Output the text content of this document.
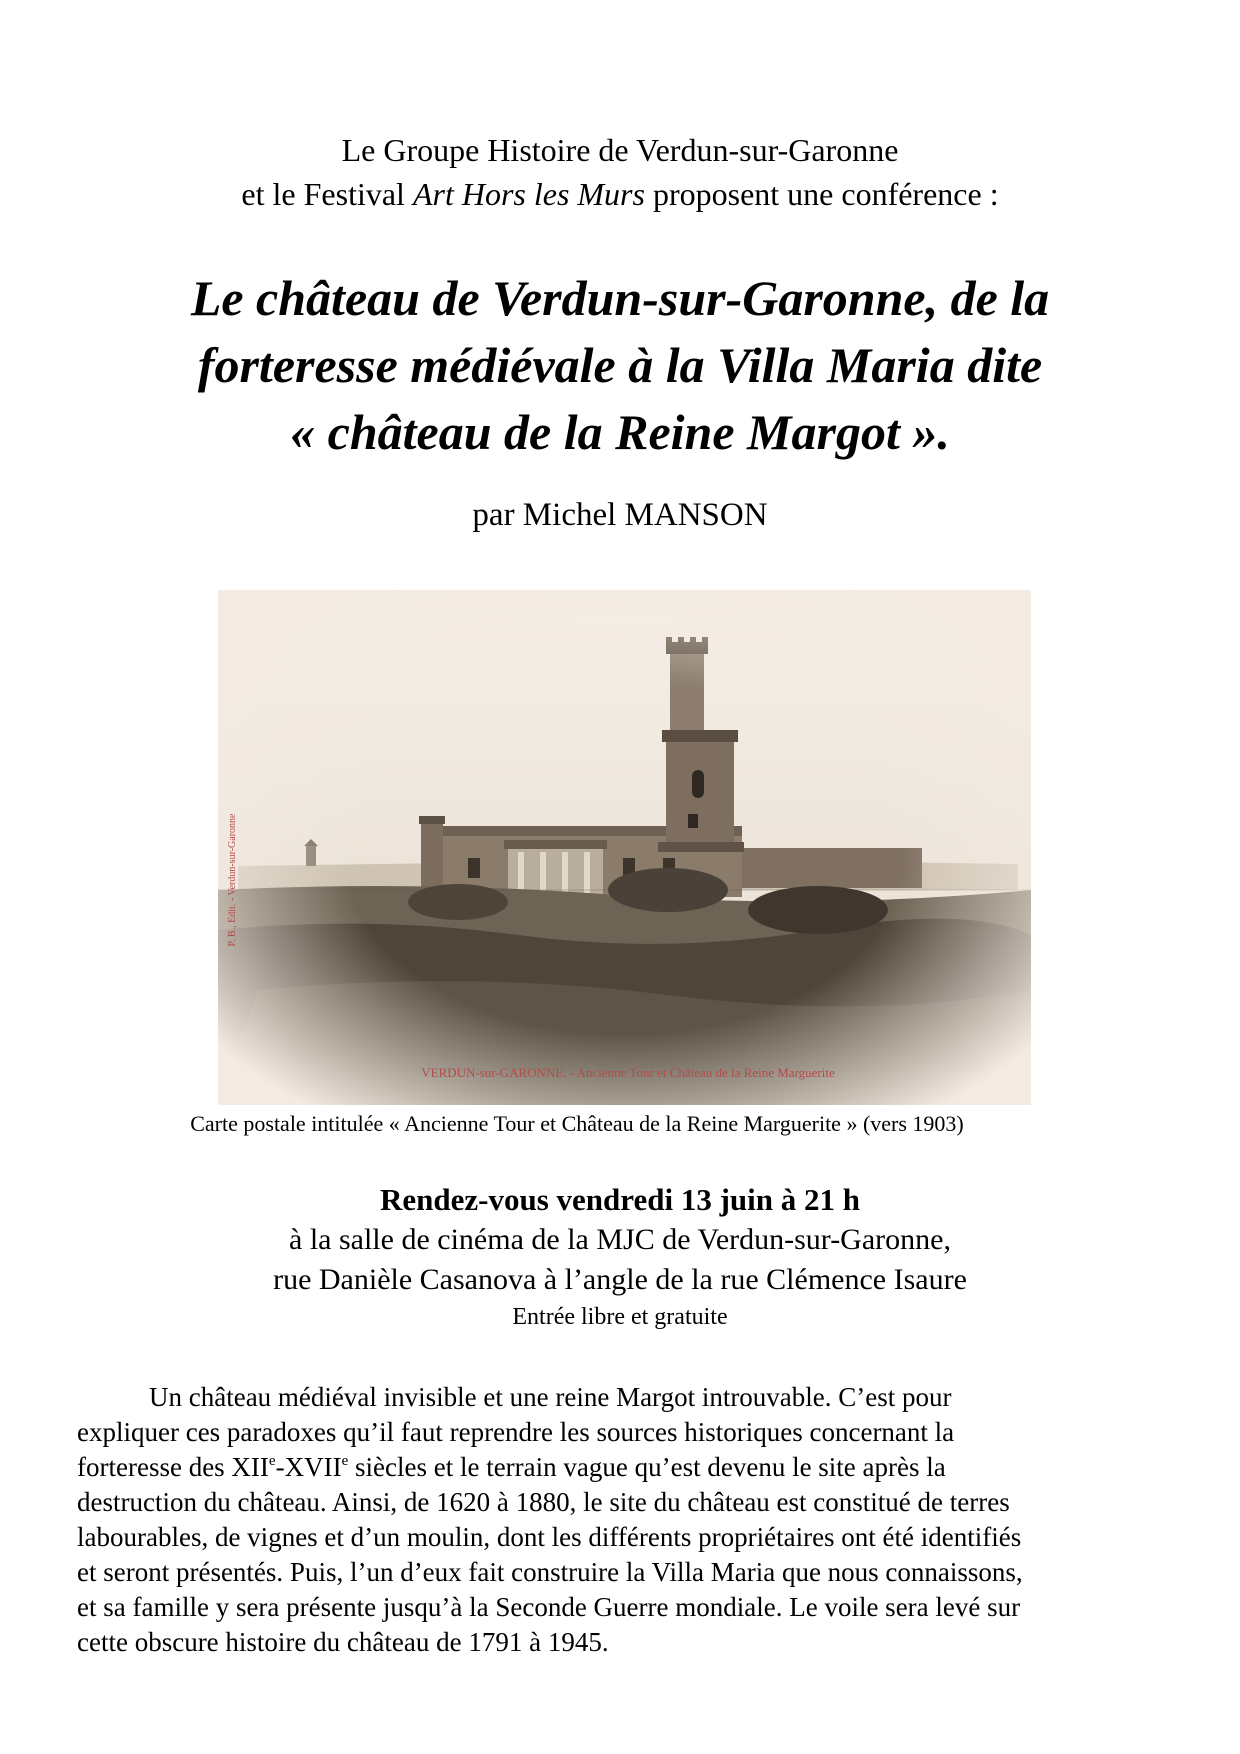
Le Groupe Histoire de Verdun-sur-Garonne
et le Festival Art Hors les Murs proposent une conférence :
Le château de Verdun-sur-Garonne, de la
forteresse médiévale à la Villa Maria dite
« château de la Reine Margot ».
par Michel MANSON
P. B., Edit. - Verdun-sur-Garonne
VERDUN-sur-GARONNE. - Ancienne Tour et Château de la Reine Marguerite
Carte postale intitulée « Ancienne Tour et Château de la Reine Marguerite » (vers 1903)
Rendez-vous vendredi 13 juin à 21 h
à la salle de cinéma de la MJC de Verdun-sur-Garonne,
rue Danièle Casanova à l’angle de la rue Clémence Isaure
Entrée libre et gratuite
Un château médiéval invisible et une reine Margot introuvable. C’est pour
expliquer ces paradoxes qu’il faut reprendre les sources historiques concernant la
forteresse des XIIe-XVIIe siècles et le terrain vague qu’est devenu le site après la
destruction du château. Ainsi, de 1620 à 1880, le site du château est constitué de terres
labourables, de vignes et d’un moulin, dont les différents propriétaires ont été identifiés
et seront présentés. Puis, l’un d’eux fait construire la Villa Maria que nous connaissons,
et sa famille y sera présente jusqu’à la Seconde Guerre mondiale. Le voile sera levé sur
cette obscure histoire du château de 1791 à 1945.
